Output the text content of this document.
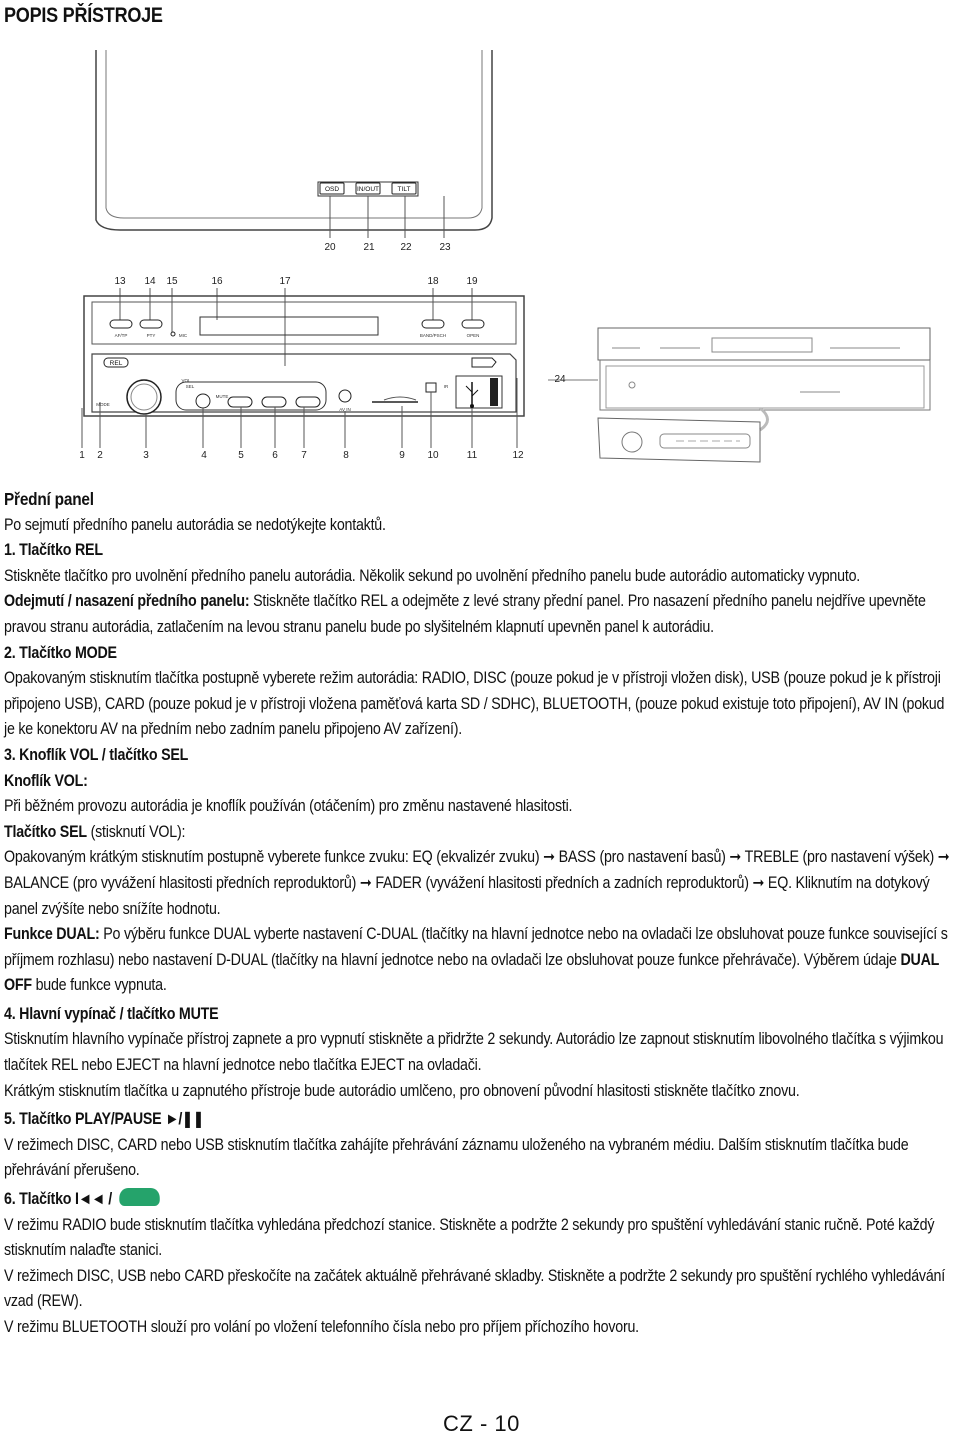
POPIS PŘÍSTROJE
OSD	IN/OUT	TILT
20	21	22	23
13 14 15	16	17	18	19
AF/TP	PTY	MIC	BAND/PSCH	OPEN
REL
MODE
VOL
SEL
MUTE
AV IN
IR
1 2	3	4	5	6 7	8	9 10	11	12
24

Přední panel

Po sejmutí předního panelu autorádia se nedotýkejte kontaktů.

1. Tlačítko REL

Stiskněte tlačítko pro uvolnění předního panelu autorádia. Několik sekund po uvolnění předního panelu bude autorádio automaticky vypnuto.

Odejmutí / nasazení předního panelu: Stiskněte tlačítko REL a odejměte z levé strany přední panel. Pro nasazení předního panelu nejdříve upevněte pravou stranu autorádia, zatlačením na levou stranu panelu bude po slyšitelném klapnutí upevněn panel k autorádiu.

2. Tlačítko MODE

Opakovaným stisknutím tlačítka postupně vyberete režim autorádia: RADIO, DISC (pouze pokud je v přístroji vložen disk), USB (pouze pokud je k přístroji připojeno USB), CARD (pouze pokud je v přístroji vložena paměťová karta SD / SDHC), BLUETOOTH, (pouze pokud existuje toto připojení), AV IN (pokud je ke konektoru AV na předním nebo zadním panelu připojeno AV zařízení).

3. Knoflík VOL / tlačítko SEL

Knoflík VOL:

Při běžném provozu autorádia je knoflík používán (otáčením) pro změnu nastavené hlasitosti.

Tlačítko SEL (stisknutí VOL):

Opakovaným krátkým stisknutím postupně vyberete funkce zvuku: EQ (ekvalizér zvuku) ➞ BASS (pro nastavení basů) ➞ TREBLE (pro nastavení výšek) ➞ BALANCE (pro vyvážení hlasitosti předních reproduktorů) ➞ FADER (vyvážení hlasitosti předních a zadních reproduktorů) ➞ EQ. Kliknutím na dotykový panel zvýšíte nebo snížíte hodnotu.

Funkce DUAL: Po výběru funkce DUAL vyberte nastavení C-DUAL (tlačítky na hlavní jednotce nebo na ovladači lze obsluhovat pouze funkce související s příjmem rozhlasu) nebo nastavení D-DUAL (tlačítky na hlavní jednotce nebo na ovladači lze obsluhovat pouze funkce přehrávače). Výběrem údaje DUAL OFF bude funkce vypnuta.

4. Hlavní vypínač / tlačítko MUTE

Stisknutím hlavního vypínače přístroj zapnete a pro vypnutí stiskněte a přidržte 2 sekundy. Autorádio lze zapnout stisknutím libovolného tlačítka s výjimkou tlačítek REL nebo EJECT na hlavní jednotce nebo tlačítka EJECT na ovladači.

Krátkým stisknutím tlačítka u zapnutého přístroje bude autorádio umlčeno, pro obnovení původní hlasitosti stiskněte tlačítko znovu.

5. Tlačítko PLAY/PAUSE ►/❚❚

V režimech DISC, CARD nebo USB stisknutím tlačítka zahájíte přehrávání záznamu uloženého na vybraném médiu. Dalším stisknutím tlačítka bude přehrávání přerušeno.

6. Tlačítko I◄◄ /

V režimu RADIO bude stisknutím tlačítka vyhledána předchozí stanice. Stiskněte a podržte 2 sekundy pro spuštění vyhledávání stanic ručně. Poté každý stisknutím nalaďte stanici.

V režimech DISC, USB nebo CARD přeskočíte na začátek aktuálně přehrávané skladby. Stiskněte a podržte 2 sekundy pro spuštění rychlého vyhledávání vzad (REW).

V režimu BLUETOOTH slouží pro volání po vložení telefonního čísla nebo pro příjem příchozího hovoru.

CZ - 10
